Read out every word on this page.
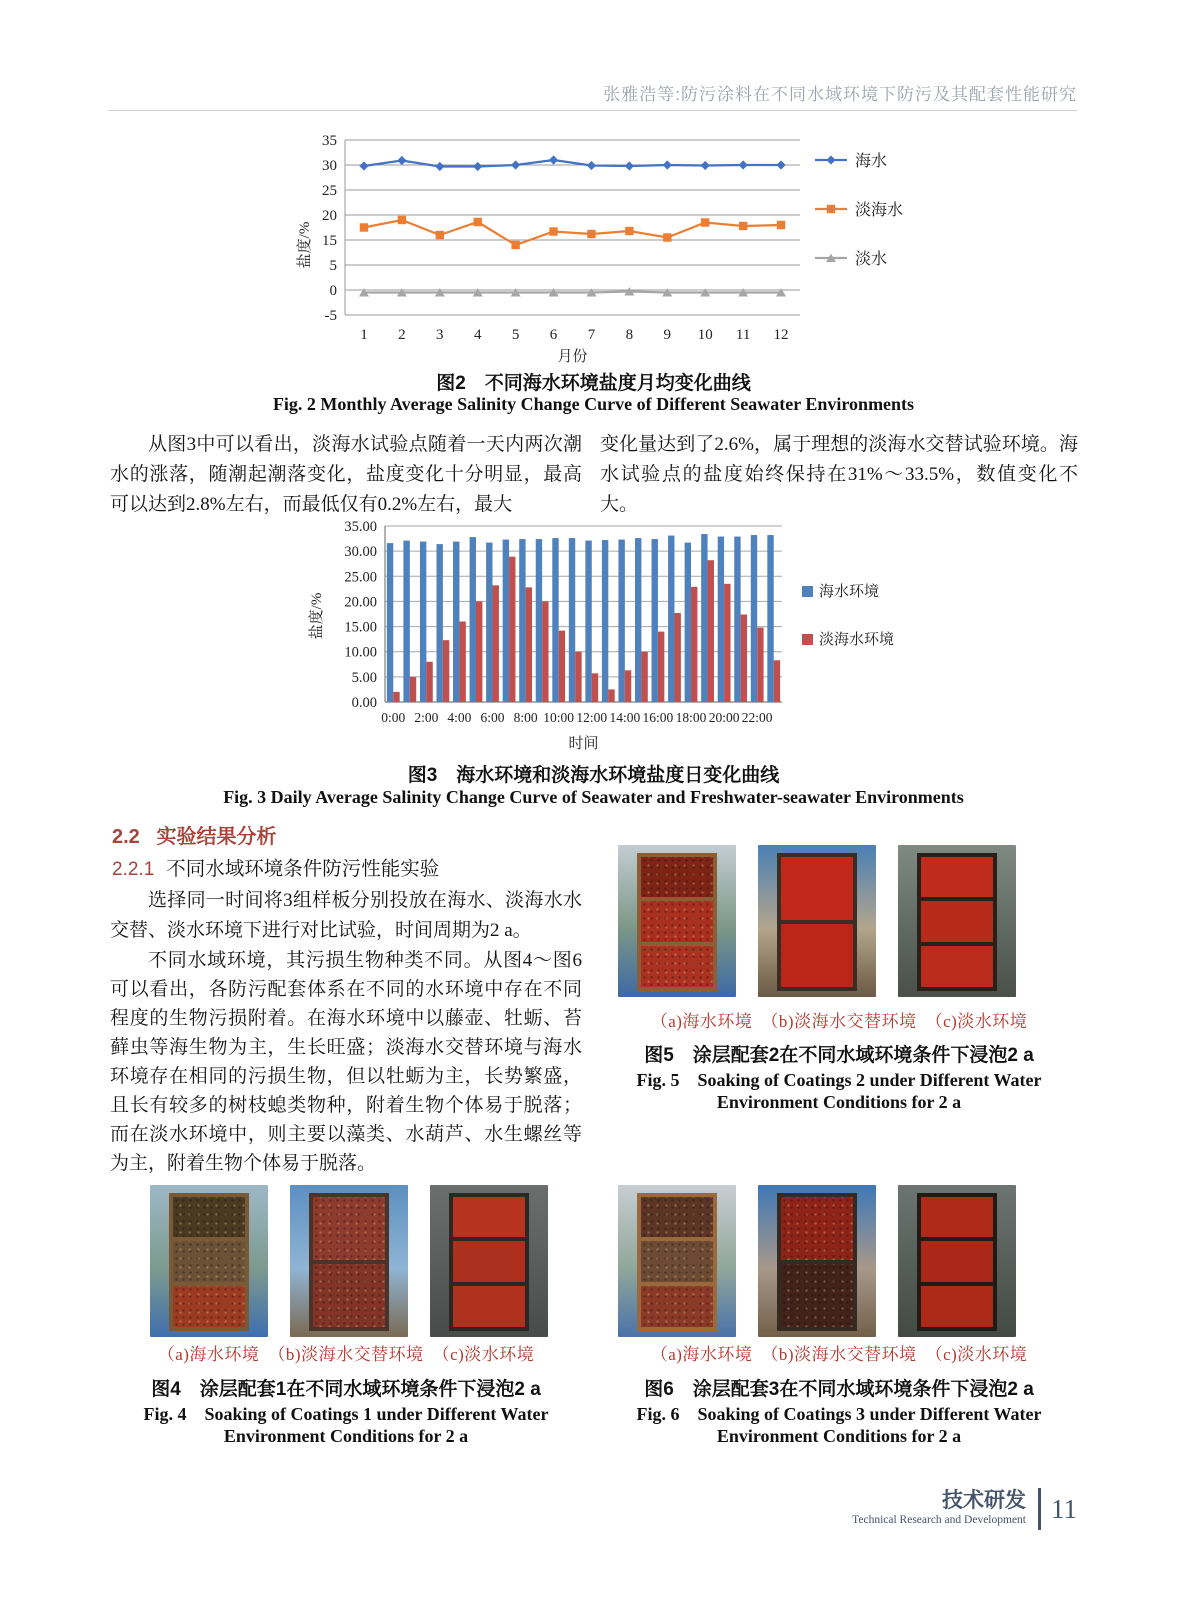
张雅浩等:防污涂料在不同水域环境下防污及其配套性能研究
35
30
25
20
15
5
0
-5
1 2 3 4 5 6 7 8 9 10 11 12
盐度/%
月份
海水
淡海水
淡水
图2　不同海水环境盐度月均变化曲线
Fig. 2 Monthly Average Salinity Change Curve of Different Seawater Environments
从图3中可以看出，淡海水试验点随着一天内两次潮水的涨落，随潮起潮落变化，盐度变化十分明显，最高可以达到2.8%左右，而最低仅有0.2%左右，最大
变化量达到了2.6%，属于理想的淡海水交替试验环境。海水试验点的盐度始终保持在31%～33.5%，数值变化不大。
35.00
30.00
25.00
20.00
15.00
10.00
5.00
0.00
0:00 2:00 4:00 6:00 8:00 10:00 12:00 14:00 16:00 18:00 20:00 22:00
盐度/%
时间
海水环境
淡海水环境
图3　海水环境和淡海水环境盐度日变化曲线
Fig. 3 Daily Average Salinity Change Curve of Seawater and Freshwater-seawater Environments
2.2 实验结果分析
2.2.1 不同水域环境条件防污性能实验
选择同一时间将3组样板分别投放在海水、淡海水水交替、淡水环境下进行对比试验，时间周期为2 a。
不同水域环境，其污损生物种类不同。从图4～图6可以看出，各防污配套体系在不同的水环境中存在不同程度的生物污损附着。在海水环境中以藤壶、牡蛎、苔藓虫等海生物为主，生长旺盛；淡海水交替环境与海水环境存在相同的污损生物，但以牡蛎为主，长势繁盛，且长有较多的树枝螅类物种，附着生物个体易于脱落；而在淡水环境中，则主要以藻类、水葫芦、水生螺丝等为主，附着生物个体易于脱落。
（a)海水环境　（b)淡海水交替环境　（c)淡水环境
图5　涂层配套2在不同水域环境条件下浸泡2 a
Fig. 5　Soaking of Coatings 2 under Different Water
Environment Conditions for 2 a
（a)海水环境　（b)淡海水交替环境　（c)淡水环境
图4　涂层配套1在不同水域环境条件下浸泡2 a
Fig. 4　Soaking of Coatings 1 under Different Water
Environment Conditions for 2 a
（a)海水环境　（b)淡海水交替环境　（c)淡水环境
图6　涂层配套3在不同水域环境条件下浸泡2 a
Fig. 6　Soaking of Coatings 3 under Different Water
Environment Conditions for 2 a
技术研发
Technical Research and Development 11
